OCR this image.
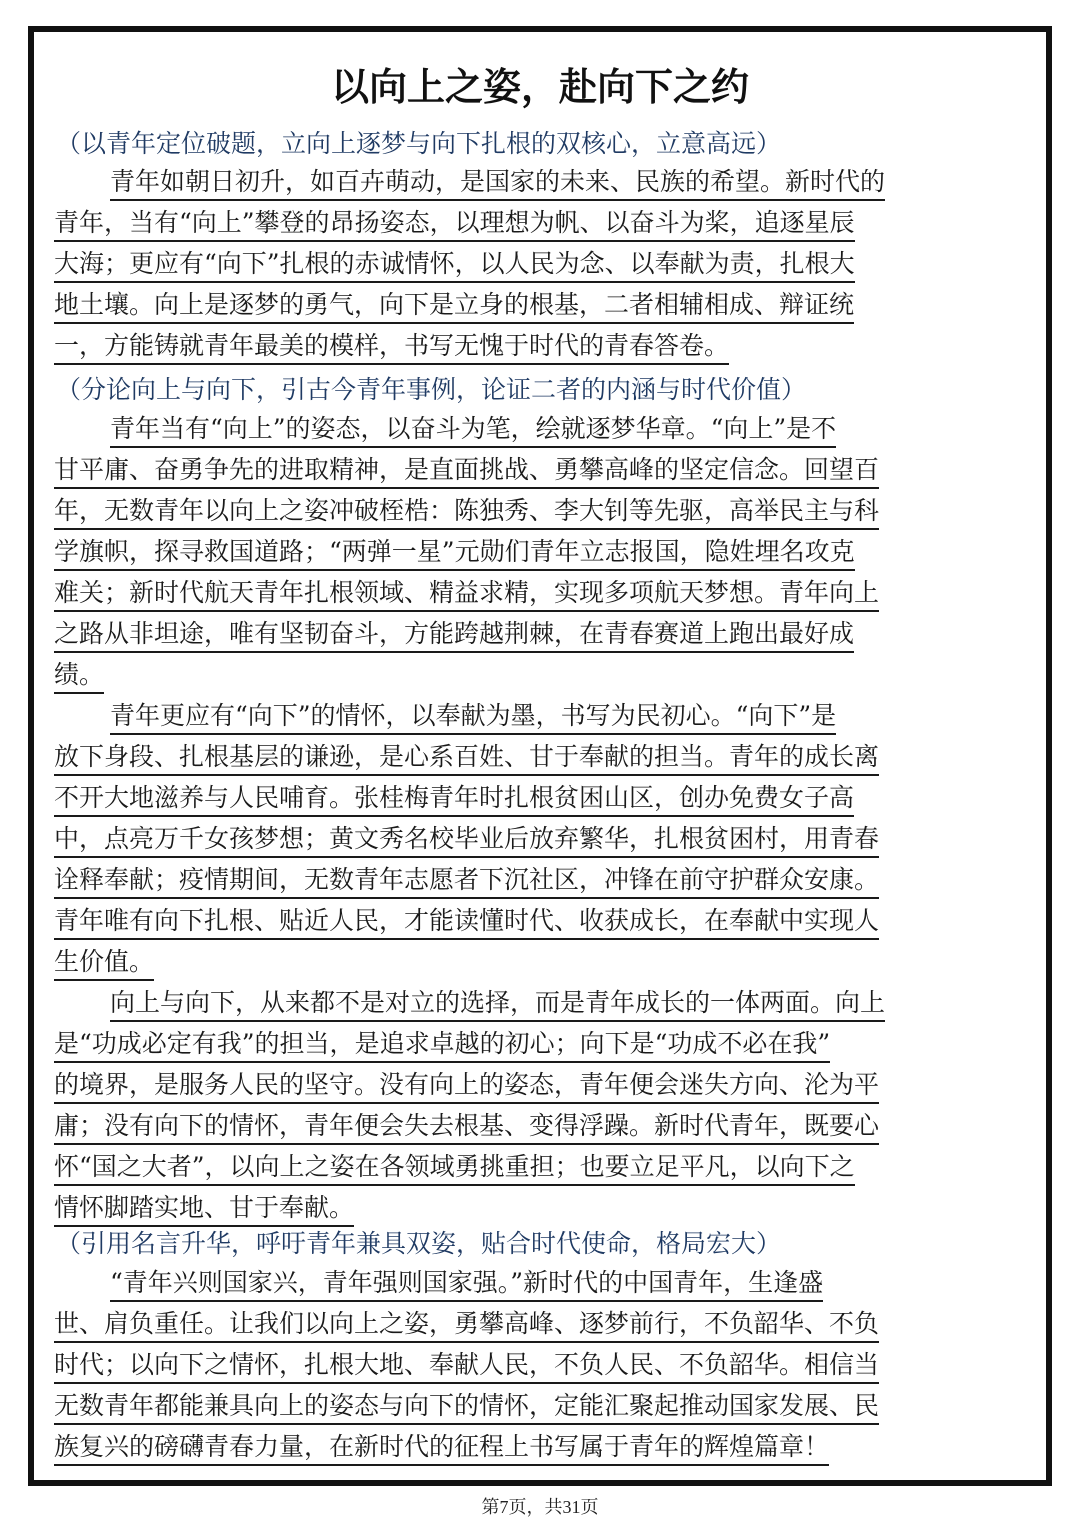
以向上之姿，赴向下之约
（以青年定位破题，立向上逐梦与向下扎根的双核心，立意高远）
青年如朝日初升，如百卉萌动，是国家的未来、民族的希望。新时代的
青年，当有“向上”攀登的昂扬姿态，以理想为帆、以奋斗为桨，追逐星辰
大海；更应有“向下”扎根的赤诚情怀，以人民为念、以奉献为责，扎根大
地土壤。向上是逐梦的勇气，向下是立身的根基，二者相辅相成、辩证统
一，方能铸就青年最美的模样，书写无愧于时代的青春答卷。
（分论向上与向下，引古今青年事例，论证二者的内涵与时代价值）
青年当有“向上”的姿态，以奋斗为笔，绘就逐梦华章。“向上”是不
甘平庸、奋勇争先的进取精神，是直面挑战、勇攀高峰的坚定信念。回望百
年，无数青年以向上之姿冲破桎梏：陈独秀、李大钊等先驱，高举民主与科
学旗帜，探寻救国道路；“两弹一星”元勋们青年立志报国，隐姓埋名攻克
难关；新时代航天青年扎根领域、精益求精，实现多项航天梦想。青年向上
之路从非坦途，唯有坚韧奋斗，方能跨越荆棘，在青春赛道上跑出最好成
绩。
青年更应有“向下”的情怀，以奉献为墨，书写为民初心。“向下”是
放下身段、扎根基层的谦逊，是心系百姓、甘于奉献的担当。青年的成长离
不开大地滋养与人民哺育。张桂梅青年时扎根贫困山区，创办免费女子高
中，点亮万千女孩梦想；黄文秀名校毕业后放弃繁华，扎根贫困村，用青春
诠释奉献；疫情期间，无数青年志愿者下沉社区，冲锋在前守护群众安康。
青年唯有向下扎根、贴近人民，才能读懂时代、收获成长，在奉献中实现人
生价值。
向上与向下，从来都不是对立的选择，而是青年成长的一体两面。向上
是“功成必定有我”的担当，是追求卓越的初心；向下是“功成不必在我”
的境界，是服务人民的坚守。没有向上的姿态，青年便会迷失方向、沦为平
庸；没有向下的情怀，青年便会失去根基、变得浮躁。新时代青年，既要心
怀“国之大者”，以向上之姿在各领域勇挑重担；也要立足平凡，以向下之
情怀脚踏实地、甘于奉献。
（引用名言升华，呼吁青年兼具双姿，贴合时代使命，格局宏大）
“青年兴则国家兴，青年强则国家强。”新时代的中国青年，生逢盛
世、肩负重任。让我们以向上之姿，勇攀高峰、逐梦前行，不负韶华、不负
时代；以向下之情怀，扎根大地、奉献人民，不负人民、不负韶华。相信当
无数青年都能兼具向上的姿态与向下的情怀，定能汇聚起推动国家发展、民
族复兴的磅礴青春力量，在新时代的征程上书写属于青年的辉煌篇章！
第7页，共31页
